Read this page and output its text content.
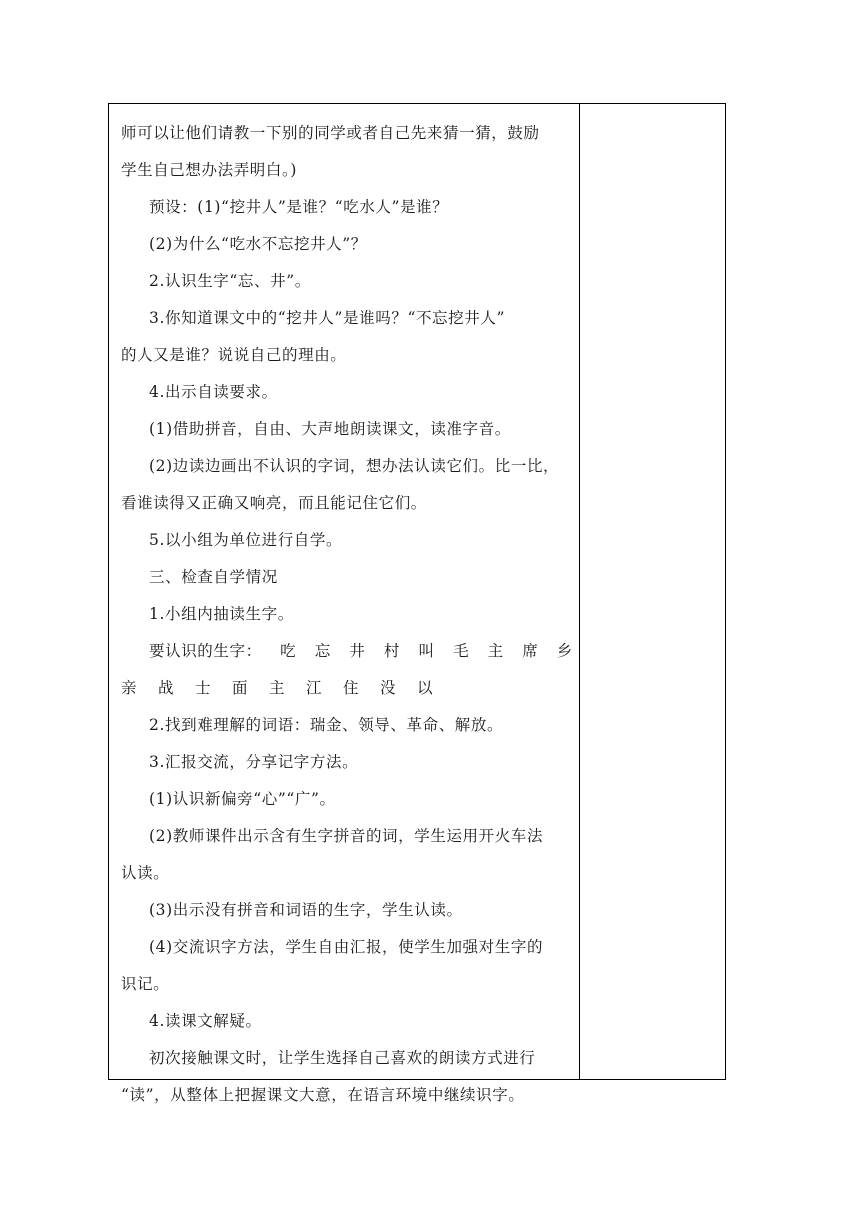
师可以让他们请教一下别的同学或者自己先来猜一猜，鼓励
学生自己想办法弄明白。)
预设：(1)“挖井人”是谁？“吃水人”是谁？
(2)为什么“吃水不忘挖井人”？
2.认识生字“忘、井”。
3.你知道课文中的“挖井人”是谁吗？“不忘挖井人”
的人又是谁？说说自己的理由。
4.出示自读要求。
(1)借助拼音，自由、大声地朗读课文，读准字音。
(2)边读边画出不认识的字词，想办法认读它们。比一比，
看谁读得又正确又响亮，而且能记住它们。
5.以小组为单位进行自学。
三、检查自学情况
1.小组内抽读生字。
要认识的生字： 吃 忘 井 村 叫 毛 主 席 乡
亲	战	士	面	主	江	住	没	以
2.找到难理解的词语：瑞金、领导、革命、解放。
3.汇报交流，分享记字方法。
(1)认识新偏旁“心”“广”。
(2)教师课件出示含有生字拼音的词，学生运用开火车法
认读。
(3)出示没有拼音和词语的生字，学生认读。
(4)交流识字方法，学生自由汇报，使学生加强对生字的
识记。
4.读课文解疑。
初次接触课文时，让学生选择自己喜欢的朗读方式进行
“读”，从整体上把握课文大意，在语言环境中继续识字。
